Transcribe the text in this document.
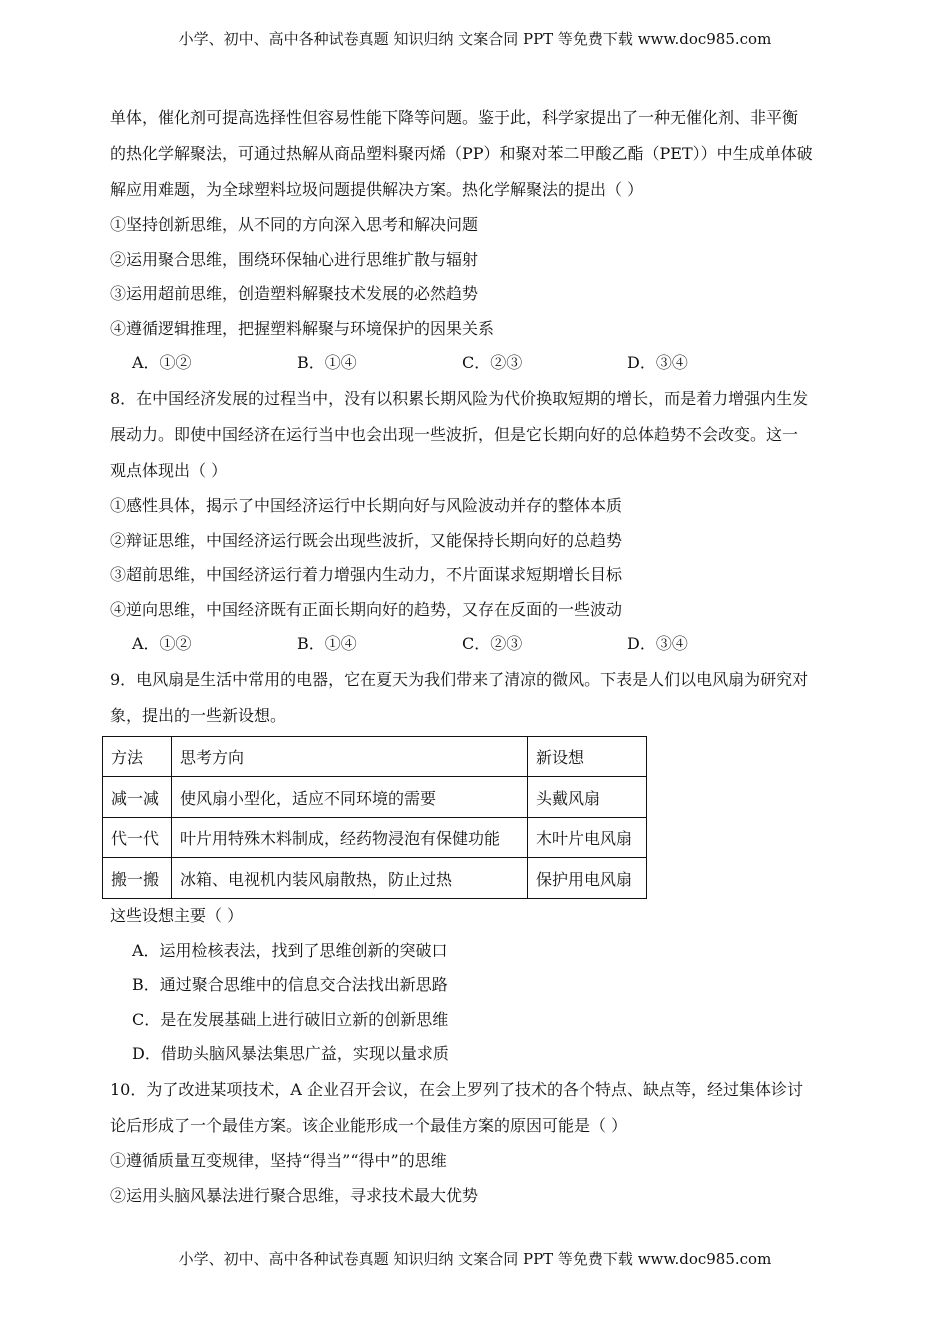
小学、初中、高中各种试卷真题 知识归纳 文案合同 PPT 等免费下载 www.doc985.com
单体，催化剂可提高选择性但容易性能下降等问题。鉴于此，科学家提出了一种无催化剂、非平衡
的热化学解聚法，可通过热解从商品塑料聚丙烯（PP）和聚对苯二甲酸乙酯（PET））中生成单体破
解应用难题，为全球塑料垃圾问题提供解决方案。热化学解聚法的提出（ ）
①坚持创新思维，从不同的方向深入思考和解决问题
②运用聚合思维，围绕环保轴心进行思维扩散与辐射
③运用超前思维，创造塑料解聚技术发展的必然趋势
④遵循逻辑推理，把握塑料解聚与环境保护的因果关系
A．①②	B．①④	C．②③	D．③④
8．在中国经济发展的过程当中，没有以积累长期风险为代价换取短期的增长，而是着力增强内生发
展动力。即使中国经济在运行当中也会出现一些波折，但是它长期向好的总体趋势不会改变。这一
观点体现出（ ）
①感性具体，揭示了中国经济运行中长期向好与风险波动并存的整体本质
②辩证思维，中国经济运行既会出现些波折，又能保持长期向好的总趋势
③超前思维，中国经济运行着力增强内生动力，不片面谋求短期增长目标
④逆向思维，中国经济既有正面长期向好的趋势，又存在反面的一些波动
A．①②	B．①④	C．②③	D．③④
9．电风扇是生活中常用的电器，它在夏天为我们带来了清凉的微风。下表是人们以电风扇为研究对
象，提出的一些新设想。
方法	思考方向	新设想
减一减	使风扇小型化，适应不同环境的需要	头戴风扇
代一代	叶片用特殊木料制成，经药物浸泡有保健功能	木叶片电风扇
搬一搬	冰箱、电视机内装风扇散热，防止过热	保护用电风扇
这些设想主要（ ）
A．运用检核表法，找到了思维创新的突破口
B．通过聚合思维中的信息交合法找出新思路
C．是在发展基础上进行破旧立新的创新思维
D．借助头脑风暴法集思广益，实现以量求质
10．为了改进某项技术，A 企业召开会议，在会上罗列了技术的各个特点、缺点等，经过集体诊讨
论后形成了一个最佳方案。该企业能形成一个最佳方案的原因可能是（ ）
①遵循质量互变规律，坚持“得当”“得中”的思维
②运用头脑风暴法进行聚合思维，寻求技术最大优势
小学、初中、高中各种试卷真题 知识归纳 文案合同 PPT 等免费下载 www.doc985.com
